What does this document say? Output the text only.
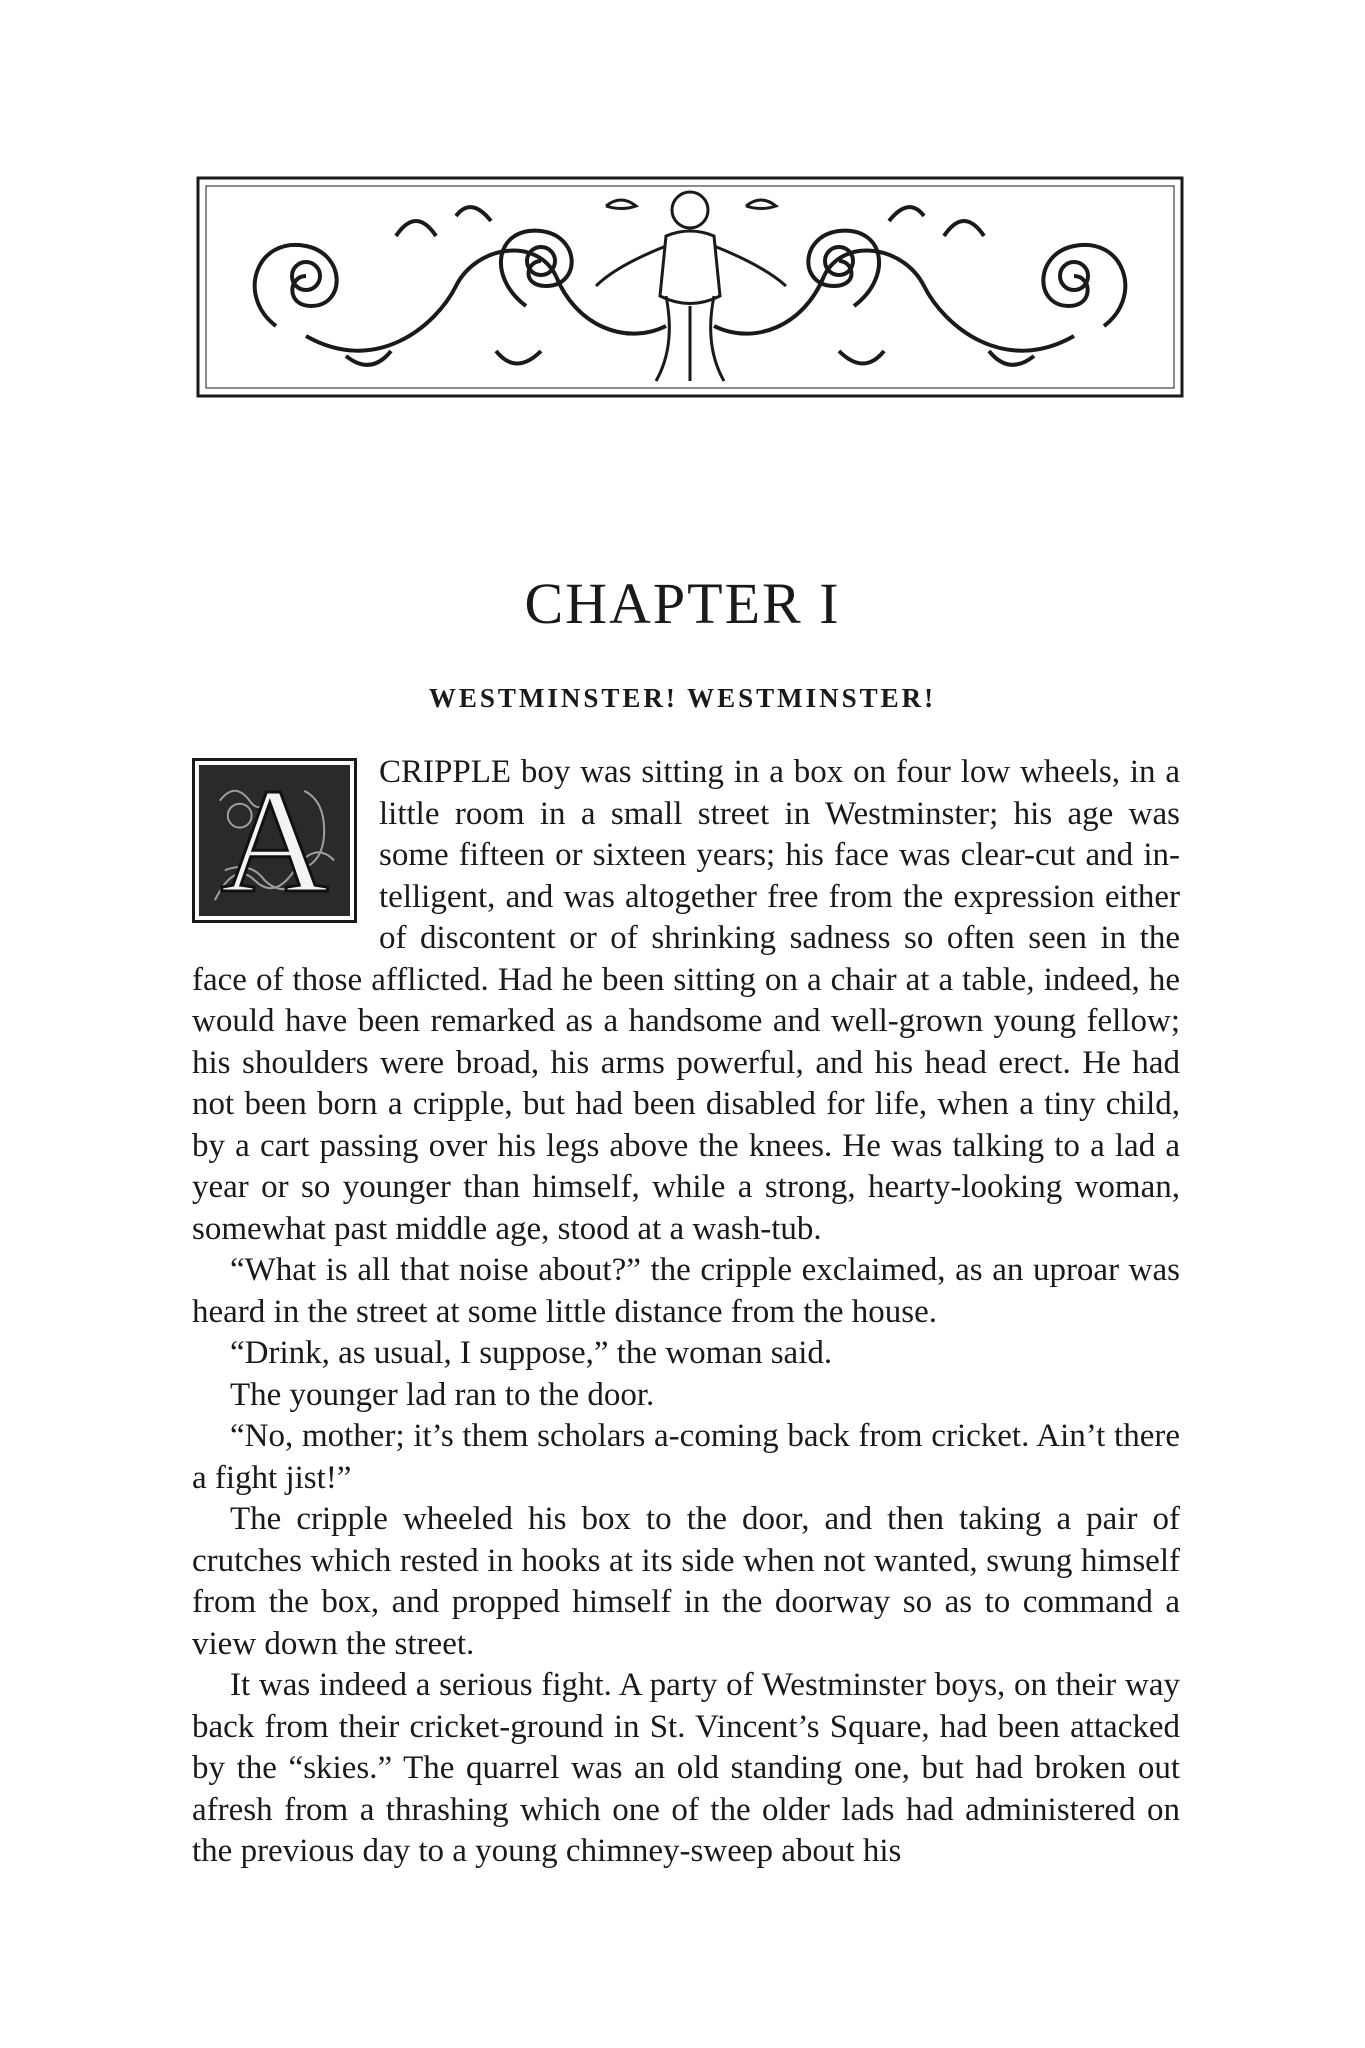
CHAPTER I
WESTMINSTER! WESTMINSTER!
A	CRIPPLE boy was sitting in a box on four low wheels, in a little room in a small street in Westminster; his age was some fifteen or sixteen years; his face was clear-cut and intelligent, and was altogether free from the expression either of discontent or of shrinking sadness so often seen in the face of those afflicted. Had he been sitting on a chair at a table, indeed, he would have been remarked as a handsome and well-grown young fellow; his shoulders were broad, his arms powerful, and his head erect. He had not been born a cripple, but had been disabled for life, when a tiny child, by a cart passing over his legs above the knees. He was talking to a lad a year or so younger than himself, while a strong, hearty-looking woman, somewhat past middle age, stood at a wash-tub.

“What is all that noise about?” the cripple exclaimed, as an uproar was heard in the street at some little distance from the house.

“Drink, as usual, I suppose,” the woman said.

The younger lad ran to the door.

“No, mother; it’s them scholars a-coming back from cricket. Ain’t there a fight jist!”

The cripple wheeled his box to the door, and then taking a pair of crutches which rested in hooks at its side when not wanted, swung himself from the box, and propped himself in the doorway so as to command a view down the street.

It was indeed a serious fight. A party of Westminster boys, on their way back from their cricket-ground in St. Vincent’s Square, had been attacked by the “skies.” The quarrel was an old standing one, but had broken out afresh from a thrashing which one of the older lads had administered on the previous day to a young chimney-sweep about his
